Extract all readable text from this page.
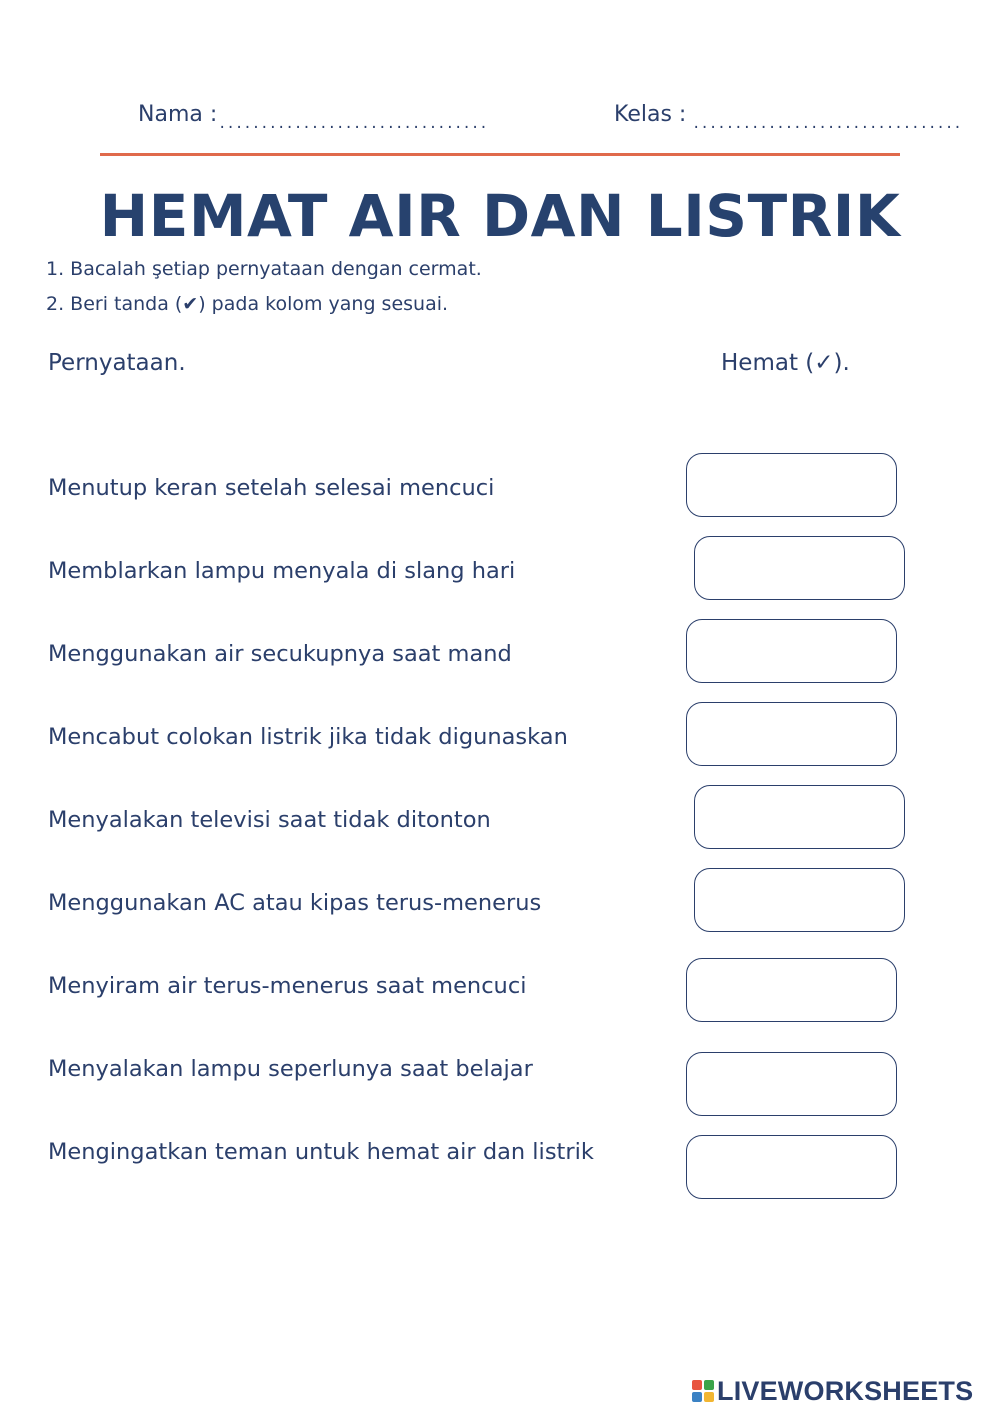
Nama : ................................	Kelas : ................................
HEMAT AIR DAN LISTRIK
1. Bacalah şetiap pernyataan dengan cermat.
2. Beri tanda (✔) pada kolom yang sesuai.
Pernyataan.	Hemat (✓).
Menutup keran setelah selesai mencuci
Memblarkan lampu menyala di slang hari
Menggunakan air secukupnya saat mand
Mencabut colokan listrik jika tidak digunaskan
Menyalakan televisi saat tidak ditonton
Menggunakan AC atau kipas terus-menerus
Menyiram air terus-menerus saat mencuci
Menyalakan lampu seperlunya saat belajar
Mengingatkan teman untuk hemat air dan listrik
LIVEWORKSHEETS
